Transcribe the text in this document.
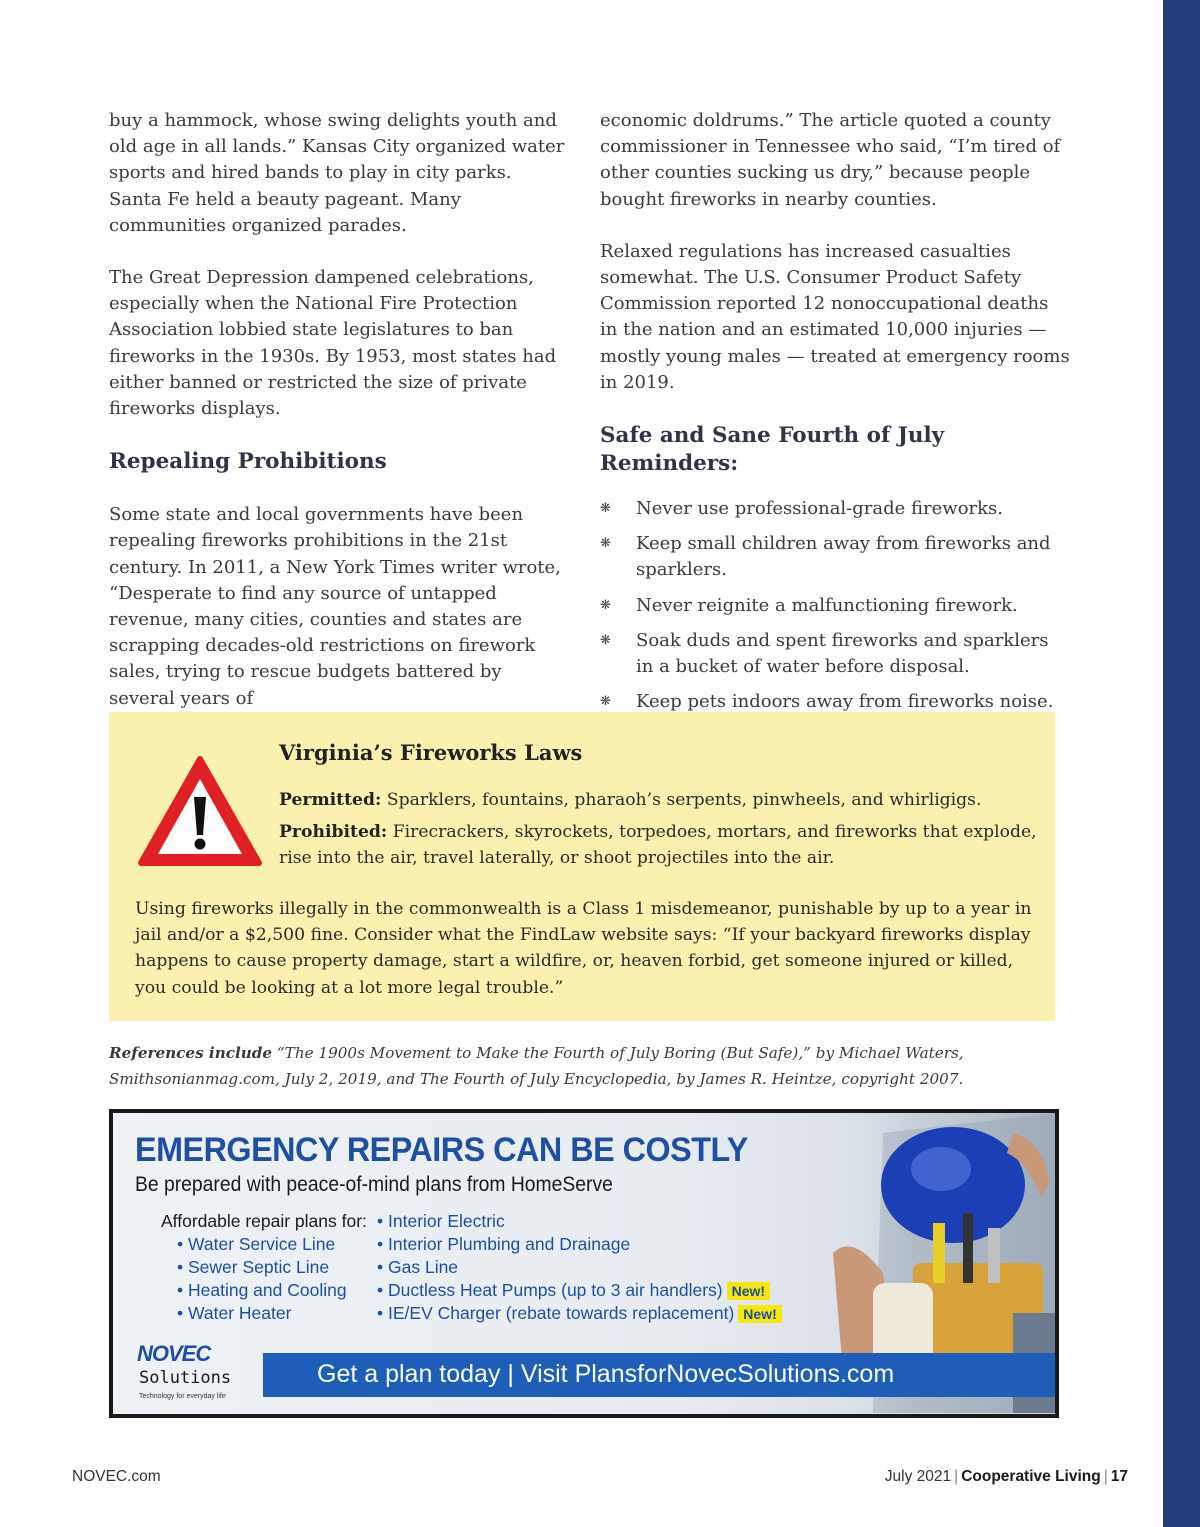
buy a hammock, whose swing delights youth and old age in all lands.” Kansas City organized water sports and hired bands to play in city parks. Santa Fe held a beauty pageant. Many communities organized parades.

The Great Depression dampened celebrations, especially when the National Fire Protection Association lobbied state legislatures to ban fireworks in the 1930s. By 1953, most states had either banned or restricted the size of private fireworks displays.

Repealing Prohibitions

Some state and local governments have been repealing fireworks prohibitions in the 21st century. In 2011, a New York Times writer wrote, “Desperate to find any source of untapped revenue, many cities, counties and states are scrapping decades-old restrictions on firework sales, trying to rescue budgets battered by several years of

economic doldrums.” The article quoted a county commissioner in Tennessee who said, “I’m tired of other counties sucking us dry,” because people bought fireworks in nearby counties.

Relaxed regulations has increased casualties somewhat. The U.S. Consumer Product Safety Commission reported 12 nonoccupational deaths in the nation and an estimated 10,000 injuries — mostly young males — treated at emergency rooms in 2019.

Safe and Sane Fourth of July Reminders:
❋ Never use professional-grade fireworks.
❋ Keep small children away from fireworks and sparklers.
❋ Never reignite a malfunctioning firework.
❋ Soak duds and spent fireworks and sparklers in a bucket of water before disposal.
❋ Keep pets indoors away from fireworks noise.
Virginia’s Fireworks Laws
Permitted: Sparklers, fountains, pharaoh’s serpents, pinwheels, and whirligigs.
Prohibited: Firecrackers, skyrockets, torpedoes, mortars, and fireworks that explode, rise into the air, travel laterally, or shoot projectiles into the air.

Using fireworks illegally in the commonwealth is a Class 1 misdemeanor, punishable by up to a year in jail and/or a $2,500 fine. Consider what the FindLaw website says: “If your backyard fireworks display happens to cause property damage, start a wildfire, or, heaven forbid, get someone injured or killed, you could be looking at a lot more legal trouble.”

References include “The 1900s Movement to Make the Fourth of July Boring (But Safe),” by Michael Waters, Smithsonianmag.com, July 2, 2019, and The Fourth of July Encyclopedia, by James R. Heintze, copyright 2007.

EMERGENCY REPAIRS CAN BE COSTLY
Be prepared with peace-of-mind plans from HomeServe
Affordable repair plans for:
• Water Service Line
• Sewer Septic Line
• Heating and Cooling
• Water Heater
• Interior Electric
• Interior Plumbing and Drainage
• Gas Line
• Ductless Heat Pumps (up to 3 air handlers) New!
• IE/EV Charger (rebate towards replacement) New!
NOVEC
Solutions
Technology for everyday life
Get a plan today | Visit PlansforNovecSolutions.com
NOVEC.com	July 2021 | Cooperative Living | 17
